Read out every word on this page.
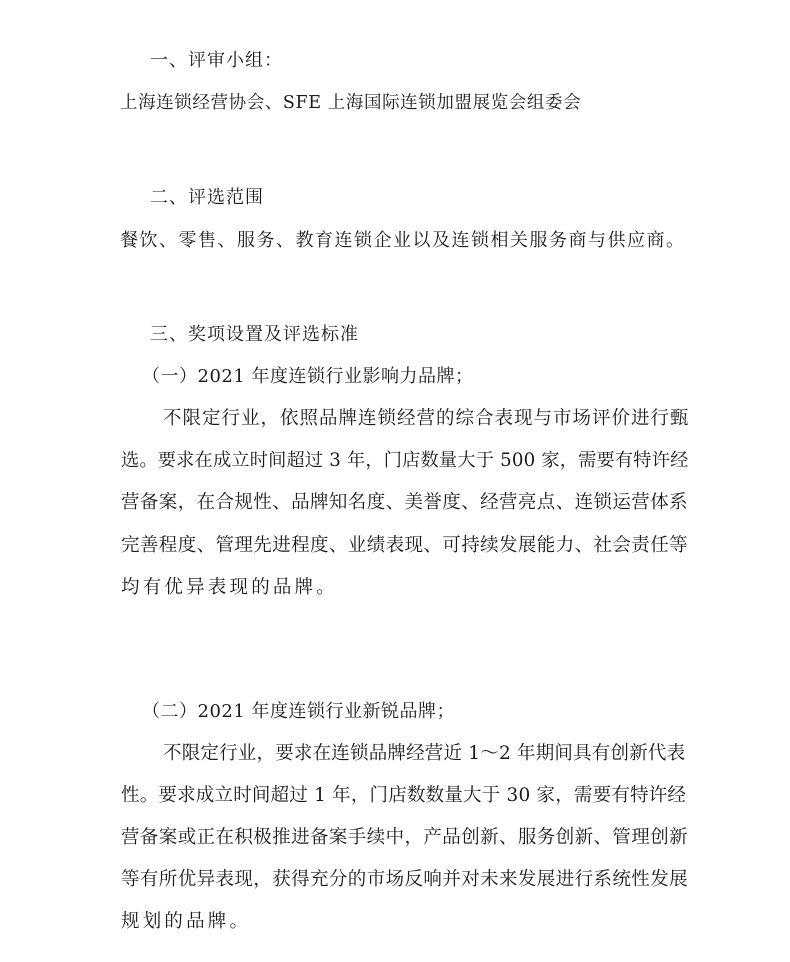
一、评审小组：
上海连锁经营协会、SFE 上海国际连锁加盟展览会组委会
二、评选范围
餐饮、零售、服务、教育连锁企业以及连锁相关服务商与供应商。
三、奖项设置及评选标准
（一）2021 年度连锁行业影响力品牌；
不限定行业，依照品牌连锁经营的综合表现与市场评价进行甄
选。要求在成立时间超过 3 年，门店数量大于 500 家，需要有特许经
营备案，在合规性、品牌知名度、美誉度、经营亮点、连锁运营体系
完善程度、管理先进程度、业绩表现、可持续发展能力、社会责任等
均有优异表现的品牌。
（二）2021 年度连锁行业新锐品牌；
不限定行业，要求在连锁品牌经营近 1～2 年期间具有创新代表
性。要求成立时间超过 1 年，门店数数量大于 30 家，需要有特许经
营备案或正在积极推进备案手续中，产品创新、服务创新、管理创新
等有所优异表现，获得充分的市场反响并对未来发展进行系统性发展
规划的品牌。
